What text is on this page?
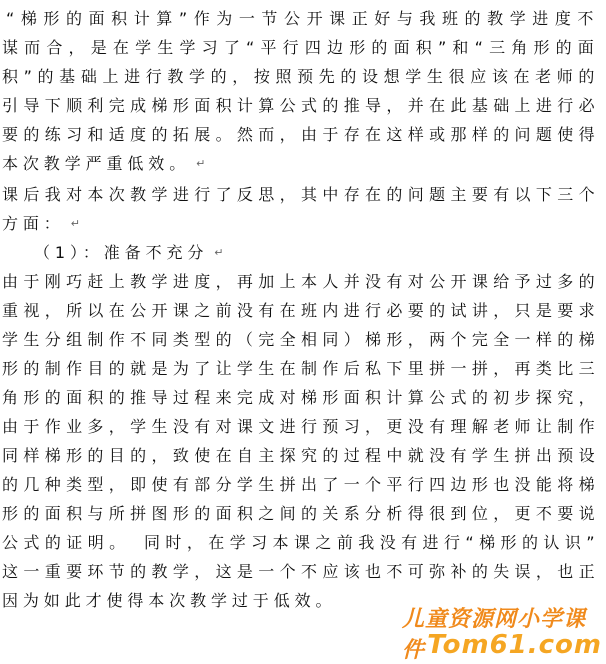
“梯形的面积计算”作为一节公开课正好与我班的教学进度不
谋而合，是在学生学习了“平行四边形的面积”和“三角形的面
积”的基础上进行教学的，按照预先的设想学生很应该在老师的
引导下顺利完成梯形面积计算公式的推导，并在此基础上进行必
要的练习和适度的拓展。然而，由于存在这样或那样的问题使得
本次教学严重低效。 ↵
课后我对本次教学进行了反思，其中存在的问题主要有以下三个
方面： ↵
（1）：准备不充分 ↵
由于刚巧赶上教学进度，再加上本人并没有对公开课给予过多的
重视，所以在公开课之前没有在班内进行必要的试讲，只是要求
学生分组制作不同类型的（完全相同）梯形，两个完全一样的梯
形的制作目的就是为了让学生在制作后私下里拼一拼，再类比三
角形的面积的推导过程来完成对梯形面积计算公式的初步探究，
由于作业多，学生没有对课文进行预习，更没有理解老师让制作
同样梯形的目的，致使在自主探究的过程中就没有学生拼出预设
的几种类型，即使有部分学生拼出了一个平行四边形也没能将梯
形的面积与所拼图形的面积之间的关系分析得很到位，更不要说
公式的证明。　同时，在学习本课之前我没有进行“梯形的认识”
这一重要环节的教学，这是一个不应该也不可弥补的失误，也正
因为如此才使得本次教学过于低效。
儿童资源网小学课件 Tom61.com
